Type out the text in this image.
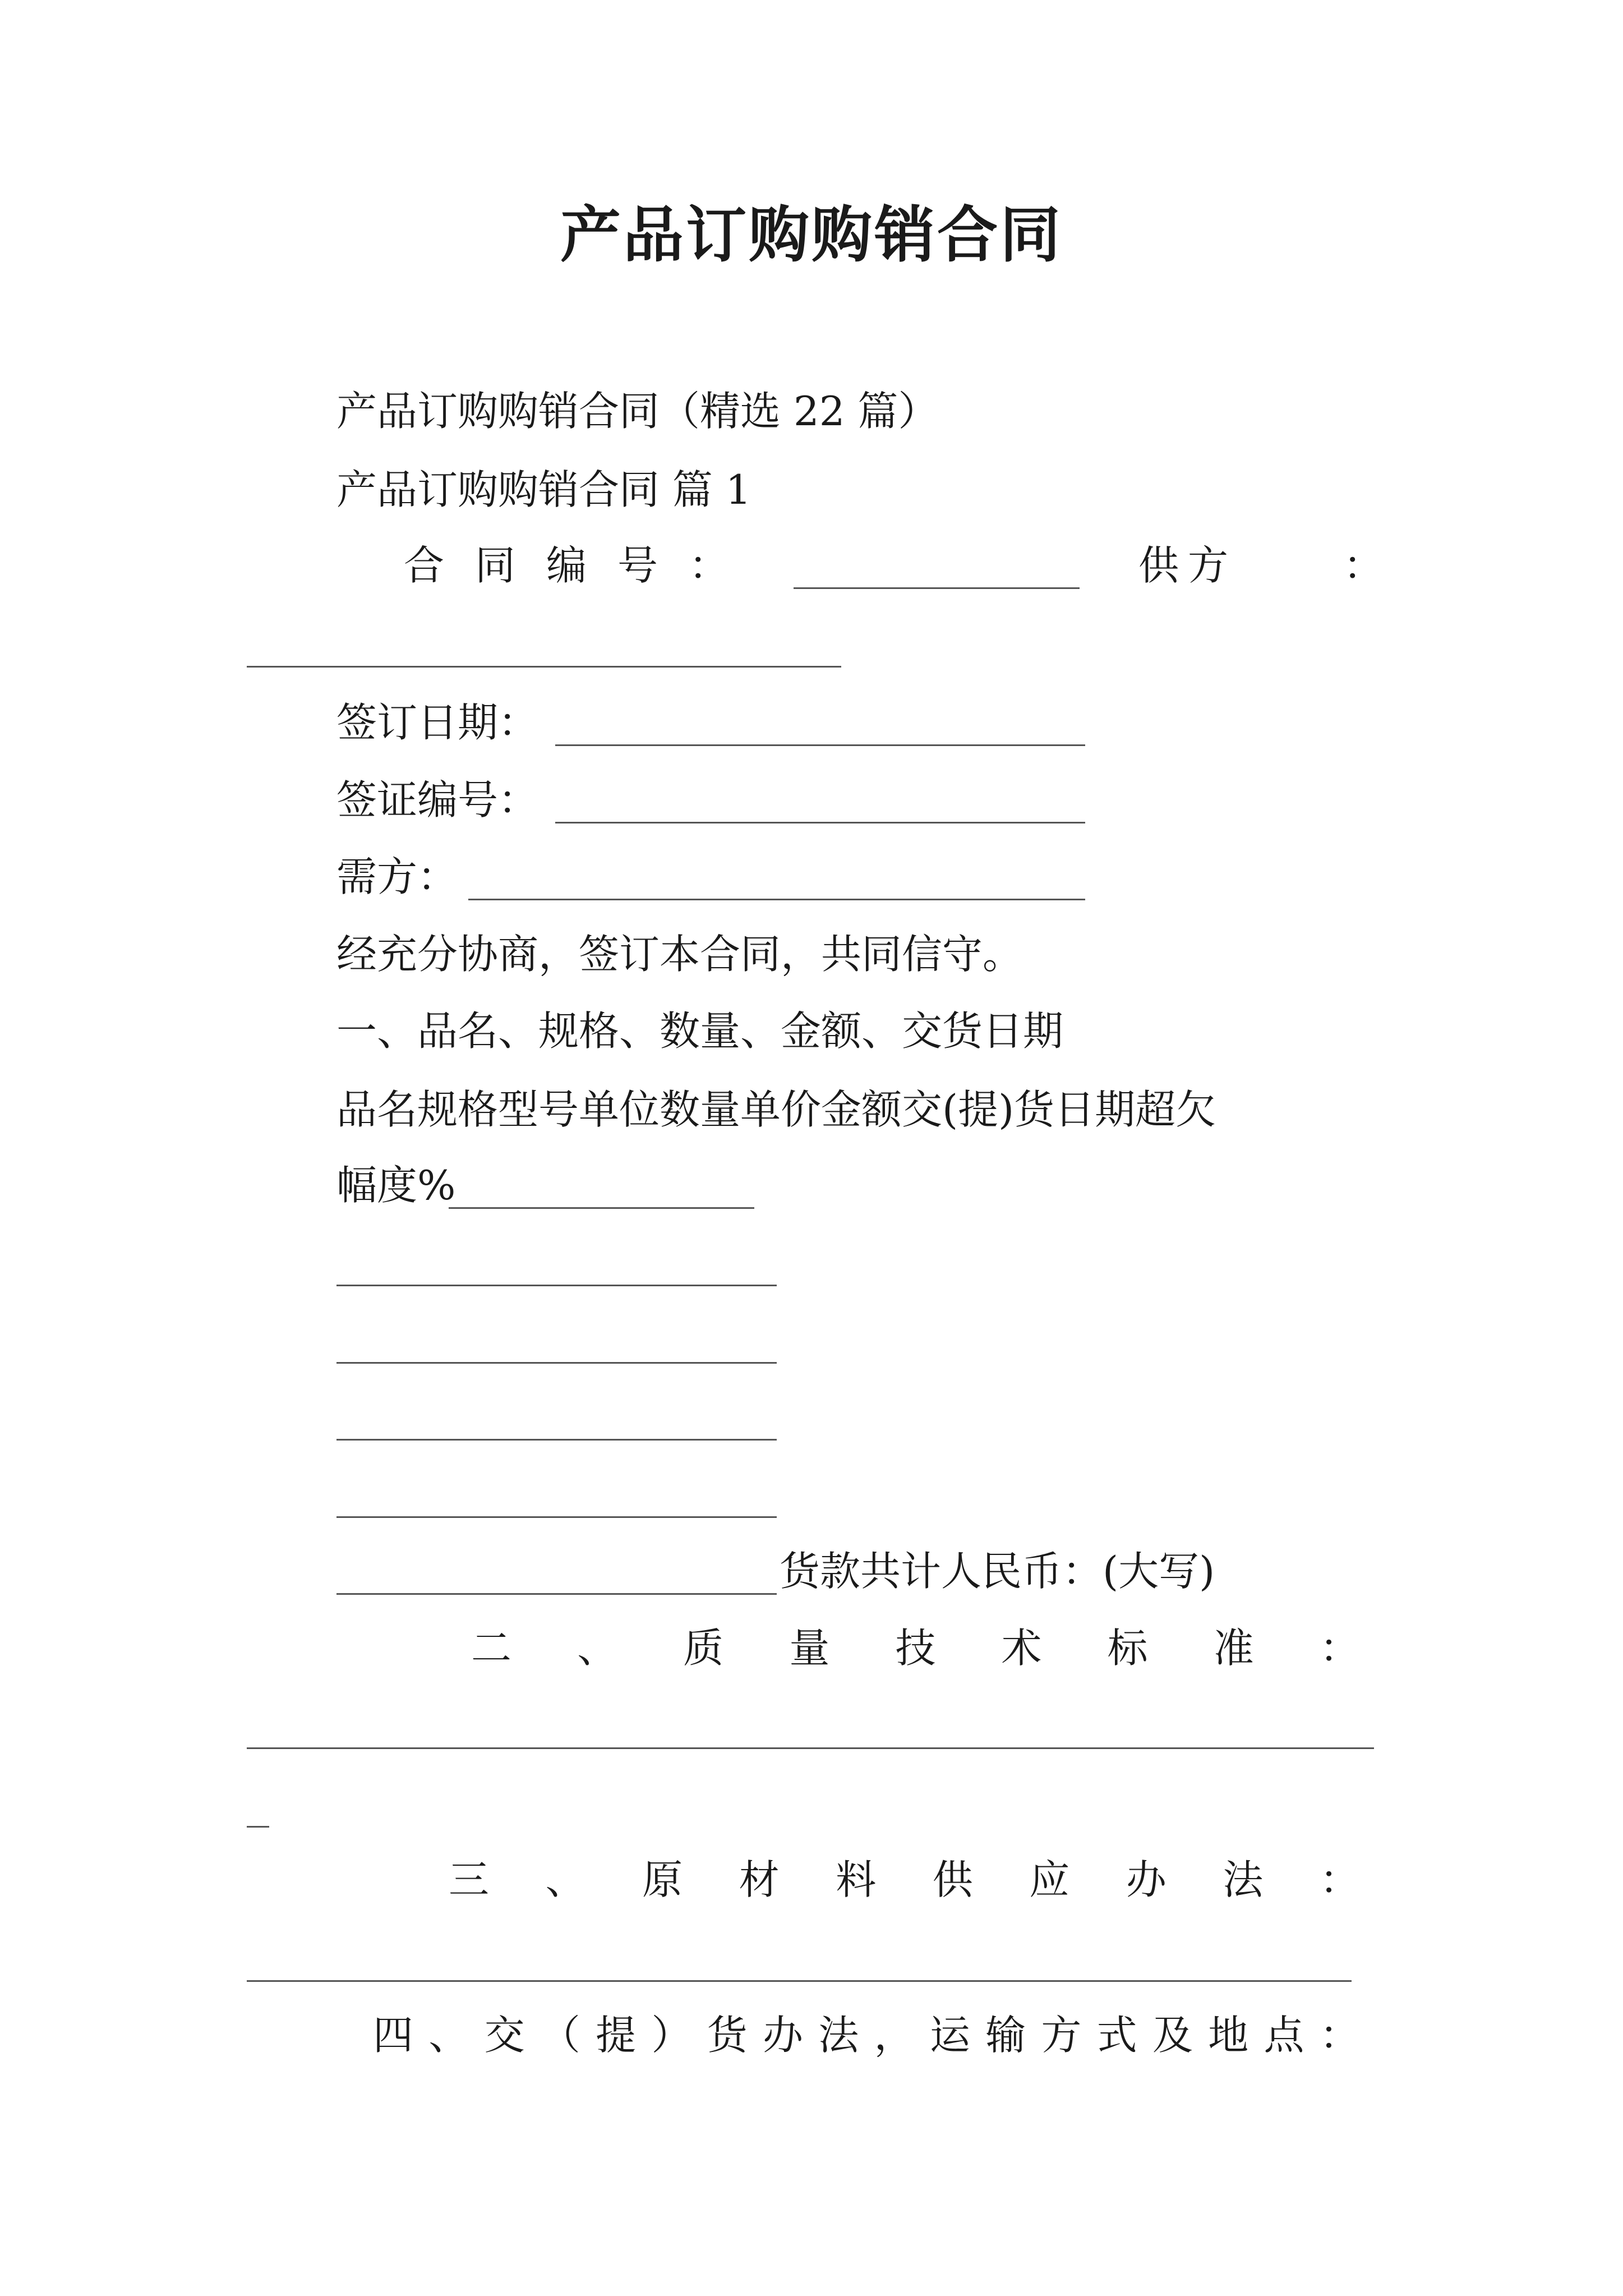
产品订购购销合同
产品订购购销合同（精选 22 篇）
产品订购购销合同 篇 1
合 同 编 号 ：	供 方	：
签订日期：
签证编号：
需方：
经充分协商，签订本合同，共同信守。
一、品名、规格、数量、金额、交货日期
品名规格型号单位数量单价金额交(提)货日期超欠
幅度%
货款共计人民币：(大写)
二 、 质 量 技 术 标 准 ：
三 、 原 材 料 供 应 办 法 ：
四 、 交 （ 提 ） 货 办 法 ， 运 输 方 式 及 地 点 ：
